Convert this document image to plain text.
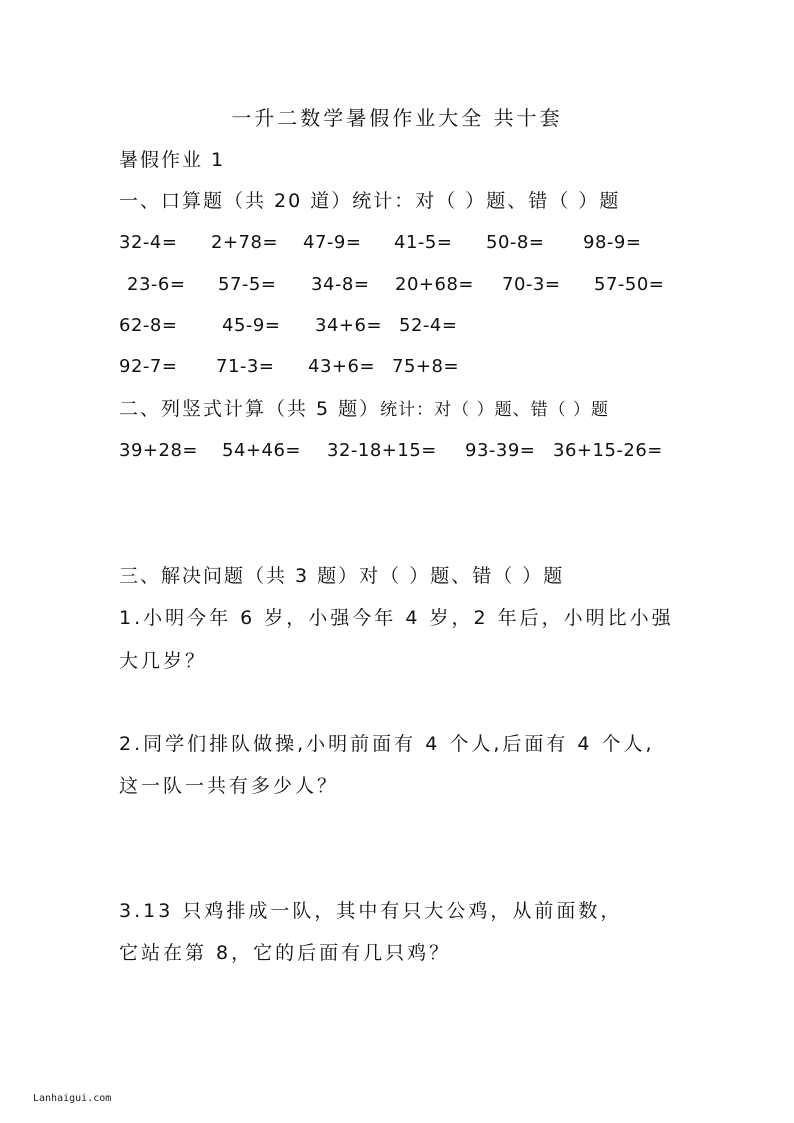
一升二数学暑假作业大全 共十套
暑假作业 1
一、口算题（共 20 道）统计：对（ ）题、错（ ）题
32-4= 2+78= 47-9= 41-5= 50-8= 98-9=
23-6= 57-5= 34-8= 20+68= 70-3= 57-50=
62-8= 45-9= 34+6= 52-4=
92-7= 71-3= 43+6= 75+8=
二、列竖式计算（共 5 题）统计：对（ ）题、错（ ）题
39+28= 54+46= 32-18+15= 93-39= 36+15-26=
三、解决问题（共 3 题）对（ ）题、错（ ）题
1.小明今年 6 岁，小强今年 4 岁，2 年后，小明比小强
大几岁？
2.同学们排队做操,小明前面有 4 个人,后面有 4 个人,
这一队一共有多少人？
3.13 只鸡排成一队，其中有只大公鸡，从前面数，
它站在第 8，它的后面有几只鸡？
Lanhaigui.com
